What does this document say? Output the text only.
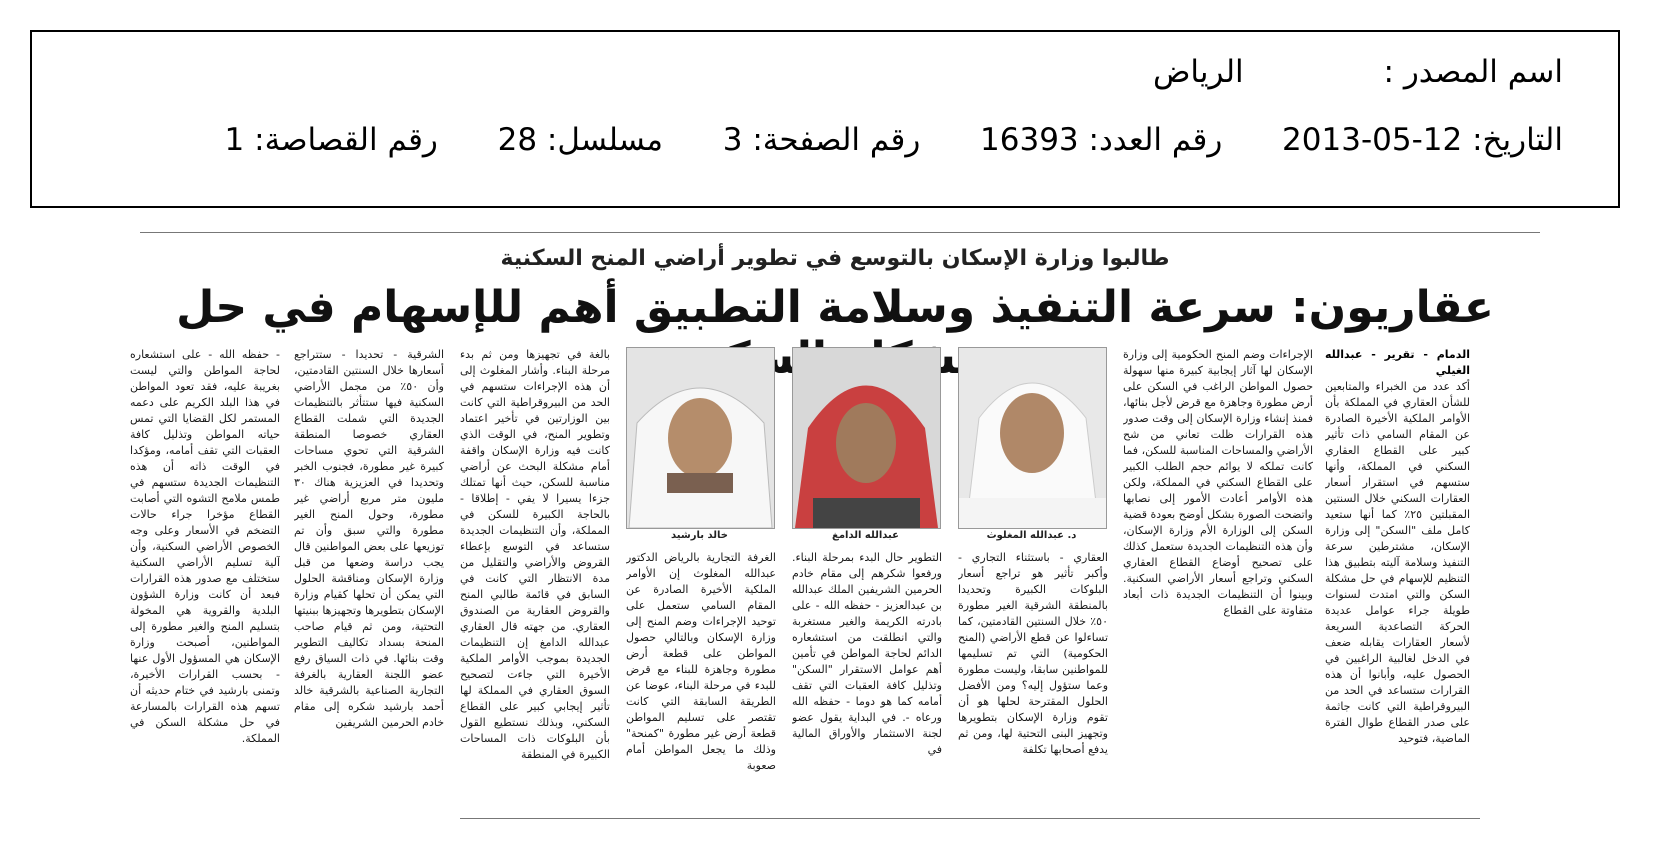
اسم المصدر : الرياض
التاريخ: 2013-05-12  رقم العدد: 16393  رقم الصفحة: 3  مسلسل: 28  رقم القصاصة: 1
طالبوا وزارة الإسكان بالتوسع في تطوير أراضي المنح السكنية
عقاريون: سرعة التنفيذ وسلامة التطبيق أهم للإسهام في حل
الدمام - تقرير - عبدالله الغيلي
أكد عدد من الخبراء والمتابعين للشأن العقاري في المملكة بأن الأوامر الملكية الأخيرة الصادرة عن المقام السامي ذات تأثير كبير على القطاع العقاري السكني في المملكة، وأنها ستسهم في استقرار أسعار العقارات السكني خلال السنتين المقبلتين ٢٥٪ كما أنها ستعيد كامل ملف "السكن" إلى وزارة الإسكان، مشترطين سرعة التنفيذ وسلامة آليته بتطبيق هذا التنظيم للإسهام في حل مشكلة السكن والتي امتدت لسنوات طويلة جراء عوامل عديدة الحركة التصاعدية السريعة لأسعار العقارات يقابله ضعف في الدخل لغالبية الراغبين في الحصول عليه، وأبانوا أن هذه القرارات ستساعد في الحد من البيروقراطية التي كانت جاثمة على صدر القطاع طوال الفترة الماضية، فتوحيد
الإجراءات وضم المنح الحكومية إلى وزارة الإسكان لها آثار إيجابية كبيرة منها سهولة حصول المواطن الراغب في السكن على أرض مطورة وجاهزة مع قرض لأجل بنائها، فمنذ إنشاء وزارة الإسكان إلى وقت صدور هذه القرارات ظلت تعاني من شح الأراضي والمساحات المناسبة للسكن، فما كانت تملكه لا يوائم حجم الطلب الكبير على القطاع السكني في المملكة، ولكن هذه الأوامر أعادت الأمور إلى نصابها واتضحت الصورة بشكل أوضح بعودة قضية السكن إلى الوزارة الأم وزارة الإسكان، وأن هذه التنظيمات الجديدة ستعمل كذلك على تصحيح أوضاع القطاع العقاري السكني وتراجع أسعار الأراضي السكنية. وبينوا أن التنظيمات الجديدة ذات أبعاد متفاوتة على القطاع
د. عبدالله المغلوث
عبدالله الدامغ
خالد بارشيد
العقاري - باستثناء التجاري - وأكبر تأثير هو تراجع أسعار البلوكات الكبيرة وتحديدا بالمنطقة الشرقية الغير مطورة ٥٠٪ خلال السنتين القادمتين، كما تساءلوا عن قطع الأراضي (المنح الحكومية) التي تم تسليمها للمواطنين سابقا، وليست مطورة وعما ستؤول إليه؟ ومن الأفضل الحلول المقترحة لحلها هو أن تقوم وزارة الإسكان بتطويرها وتجهيز البنى التحتية لها، ومن ثم يدفع أصحابها تكلفة
التطوير حال البدء بمرحلة البناء. ورفعوا شكرهم إلى مقام خادم الحرمين الشريفين الملك عبدالله بن عبدالعزيز - حفظه الله - على بادرته الكريمة والغير مستغربة والتي انطلقت من استشعاره الدائم لحاجة المواطن في تأمين أهم عوامل الاستقرار "السكن" وتذليل كافة العقبات التي تقف أمامه كما هو دوما - حفظه الله ورعاه -. في البداية يقول عضو لجنة الاستثمار والأوراق المالية في
الغرفة التجارية بالرياض الدكتور عبدالله المغلوث إن الأوامر الملكية الأخيرة الصادرة عن المقام السامي ستعمل على توحيد الإجراءات وضم المنح إلى وزارة الإسكان وبالتالي حصول المواطن على قطعة أرض مطورة وجاهزة للبناء مع قرض للبدء في مرحلة البناء، عوضا عن الطريقة السابقة التي كانت تقتصر على تسليم المواطن قطعة أرض غير مطورة "كمنحة" وذلك ما يجعل المواطن أمام صعوبة
بالغة في تجهيزها ومن ثم بدء مرحلة البناء. وأشار المغلوث إلى أن هذه الإجراءات ستسهم في الحد من البيروقراطية التي كانت بين الوزارتين في تأخير اعتماد وتطوير المنح، في الوقت الذي كانت فيه وزارة الإسكان واقفة أمام مشكلة البحث عن أراضي مناسبة للسكن، حيث أنها تمتلك جزءا يسيرا لا يفي - إطلاقا - بالحاجة الكبيرة للسكن في المملكة، وأن التنظيمات الجديدة ستساعد في التوسع بإعطاء القروض والأراضي والتقليل من مدة الانتظار التي كانت في السابق في قائمة طالبي المنح والقروض العقارية من الصندوق العقاري. من جهته قال العقاري عبدالله الدامغ إن التنظيمات الجديدة بموجب الأوامر الملكية الأخيرة التي جاءت لتصحيح السوق العقاري في المملكة لها تأثير إيجابي كبير على القطاع السكني، وبذلك نستطيع القول بأن البلوكات ذات المساحات الكبيرة في المنطقة
الشرقية - تحديدا - ستتراجع أسعارها خلال السنتين القادمتين، وأن ٥٠٪ من مجمل الأراضي السكنية فيها ستتأثر بالتنظيمات الجديدة التي شملت القطاع العقاري خصوصا المنطقة الشرقية التي تحوي مساحات كبيرة غير مطورة، فجنوب الخبر وتحديدا في العزيزية هناك ٣٠ مليون متر مربع أراضي غير مطورة، وحول المنح الغير مطورة والتي سبق وأن تم توزيعها على بعض المواطنين قال يجب دراسة وضعها من قبل وزارة الإسكان ومناقشة الحلول التي يمكن أن تحلها كقيام وزارة الإسكان بتطويرها وتجهيزها ببنيتها التحتية، ومن ثم قيام صاحب المنحة بسداد تكاليف التطوير وقت بنائها. في ذات السياق رفع عضو اللجنة العقارية بالغرفة التجارية الصناعية بالشرقية خالد أحمد بارشيد شكره إلى مقام خادم الحرمين الشريفين
- حفظه الله - على استشعاره لحاجة المواطن والتي ليست بغريبة عليه، فقد تعود المواطن في هذا البلد الكريم على دعمه المستمر لكل القضايا التي تمس حياته المواطن وتذليل كافة العقبات التي تقف أمامه، ومؤكدا في الوقت ذاته أن هذه التنظيمات الجديدة ستسهم في طمس ملامح التشوه التي أصابت القطاع مؤخرا جراء حالات التضخم في الأسعار وعلى وجه الخصوص الأراضي السكنية، وأن آلية تسليم الأراضي السكنية ستختلف مع صدور هذه القرارات فبعد أن كانت وزارة الشؤون البلدية والقروية هي المخولة بتسليم المنح والغير مطورة إلى المواطنين، أصبحت وزارة الإسكان هي المسؤول الأول عنها - بحسب القرارات الأخيرة، وتمنى بارشيد في ختام حديثه أن تسهم هذه القرارات بالمسارعة في حل مشكلة السكن في المملكة.
